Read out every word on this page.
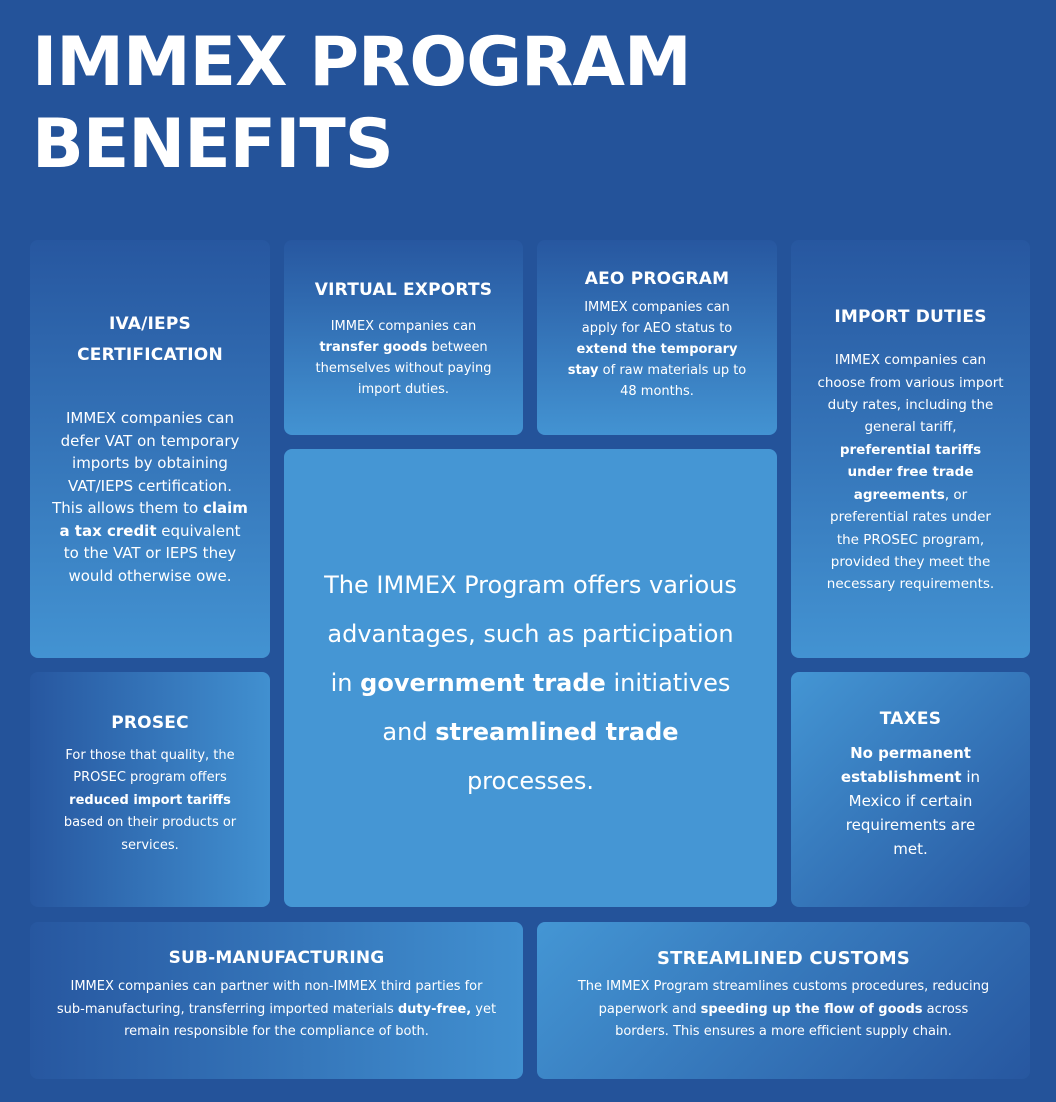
IMMEX PROGRAM
BENEFITS
IVA/IEPS
CERTIFICATION

IMMEX companies can defer VAT on temporary imports by obtaining VAT/IEPS certification. This allows them to claim a tax credit equivalent to the VAT or IEPS they would otherwise owe.

VIRTUAL EXPORTS

IMMEX companies can transfer goods between themselves without paying import duties.

AEO PROGRAM

IMMEX companies can apply for AEO status to extend the temporary stay of raw materials up to 48 months.

IMPORT DUTIES

IMMEX companies can choose from various import duty rates, including the general tariff, preferential tariffs under free trade agreements, or preferential rates under the PROSEC program, provided they meet the necessary requirements.

The IMMEX Program offers various advantages, such as participation in government trade initiatives and streamlined trade processes.

PROSEC

For those that quality, the PROSEC program offers reduced import tariffs based on their products or services.

TAXES

No permanent establishment in Mexico if certain requirements are met.

SUB-MANUFACTURING

IMMEX companies can partner with non-IMMEX third parties for sub-manufacturing, transferring imported materials duty-free, yet remain responsible for the compliance of both.

STREAMLINED CUSTOMS

The IMMEX Program streamlines customs procedures, reducing paperwork and speeding up the flow of goods across borders. This ensures a more efficient supply chain.
